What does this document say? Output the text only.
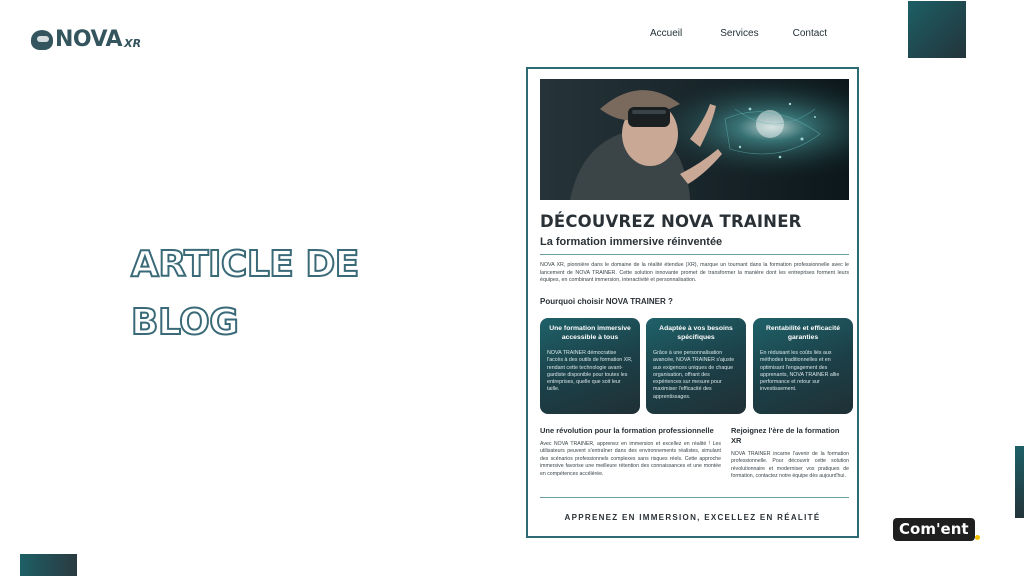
NOVA XR
Accueil	Services	Contact
ARTICLE DE
BLOG
DÉCOUVREZ NOVA TRAINER
La formation immersive réinventée

NOVA XR, pionnière dans le domaine de la réalité étendue (XR), marque un tournant dans la formation professionnelle avec le lancement de NOVA TRAINER. Cette solution innovante promet de transformer la manière dont les entreprises forment leurs équipes, en combinant immersion, interactivité et personnalisation.

Pourquoi choisir NOVA TRAINER ?
Une formation immersive accessible à tous

NOVA TRAINER démocratise l'accès à des outils de formation XR, rendant cette technologie avant-gardiste disponible pour toutes les entreprises, quelle que soit leur taille.

Adaptée à vos besoins spécifiques

Grâce à une personnalisation avancée, NOVA TRAINER s'ajuste aux exigences uniques de chaque organisation, offrant des expériences sur mesure pour maximiser l'efficacité des apprentissages.

Rentabilité et efficacité garanties

En réduisant les coûts liés aux méthodes traditionnelles et en optimisant l'engagement des apprenants, NOVA TRAINER allie performance et retour sur investissement.

Une révolution pour la formation professionnelle

Avec NOVA TRAINER, apprenez en immersion et excellez en réalité ! Les utilisateurs peuvent s'entraîner dans des environnements réalistes, simulant des scénarios professionnels complexes sans risques réels. Cette approche immersive favorise une meilleure rétention des connaissances et une montée en compétences accélérée.

Rejoignez l'ère de la formation XR

NOVA TRAINER incarne l'avenir de la formation professionnelle. Pour découvrir cette solution révolutionnaire et moderniser vos pratiques de formation, contactez notre équipe dès aujourd'hui.

APPRENEZ EN IMMERSION, EXCELLEZ EN RÉALITÉ
Com'ent
